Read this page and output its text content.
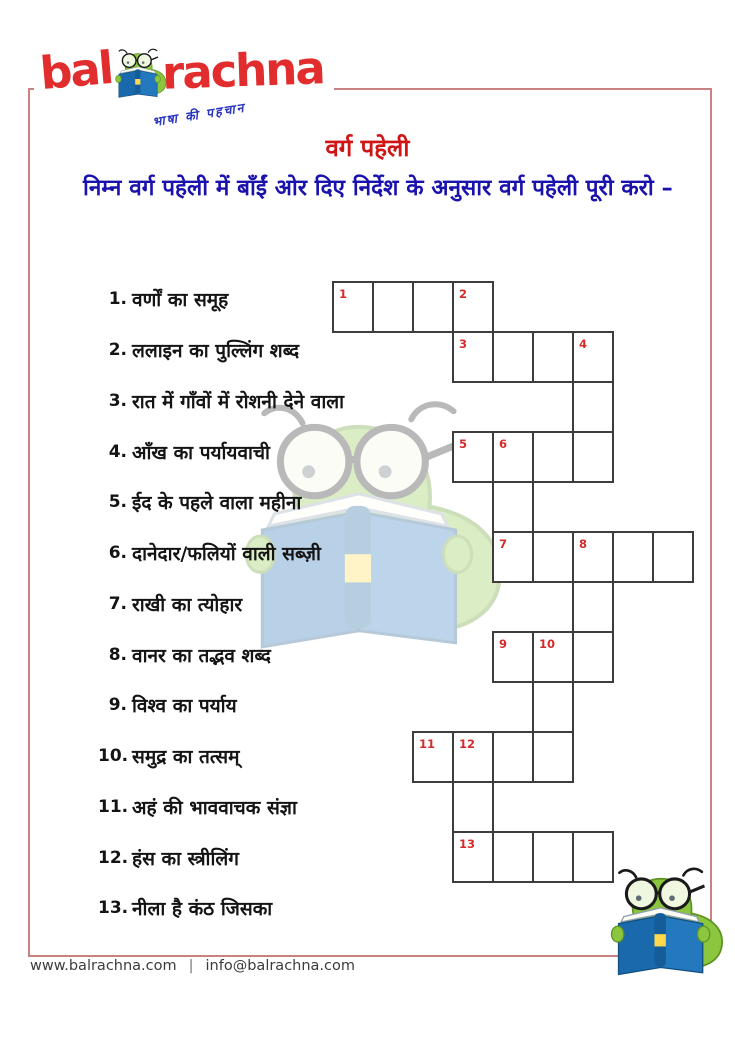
bal rachna
भाषा की पहचान
वर्ग पहेली
निम्न वर्ग पहेली में बाँईं ओर दिए निर्देश के अनुसार वर्ग पहेली पूरी करो –
1. वर्णों का समूह
2. ललाइन का पुल्लिंग शब्द
3. रात में गाँवों में रोशनी देने वाला
4. आँख का पर्यायवाची
5. ईद के पहले वाला महीना
6. दानेदार/फलियों वाली सब्ज़ी
7. राखी का त्योहार
8. वानर का तद्भव शब्द
9. विश्व का पर्याय
10. समुद्र का तत्सम्
11. अहं की भाववाचक संज्ञा
12. हंस का स्त्रीलिंग
13. नीला है कंठ जिसका
1	2
3	4
5	6
7	8
9	10
11	12
13
www.balrachna.com | info@balrachna.com
